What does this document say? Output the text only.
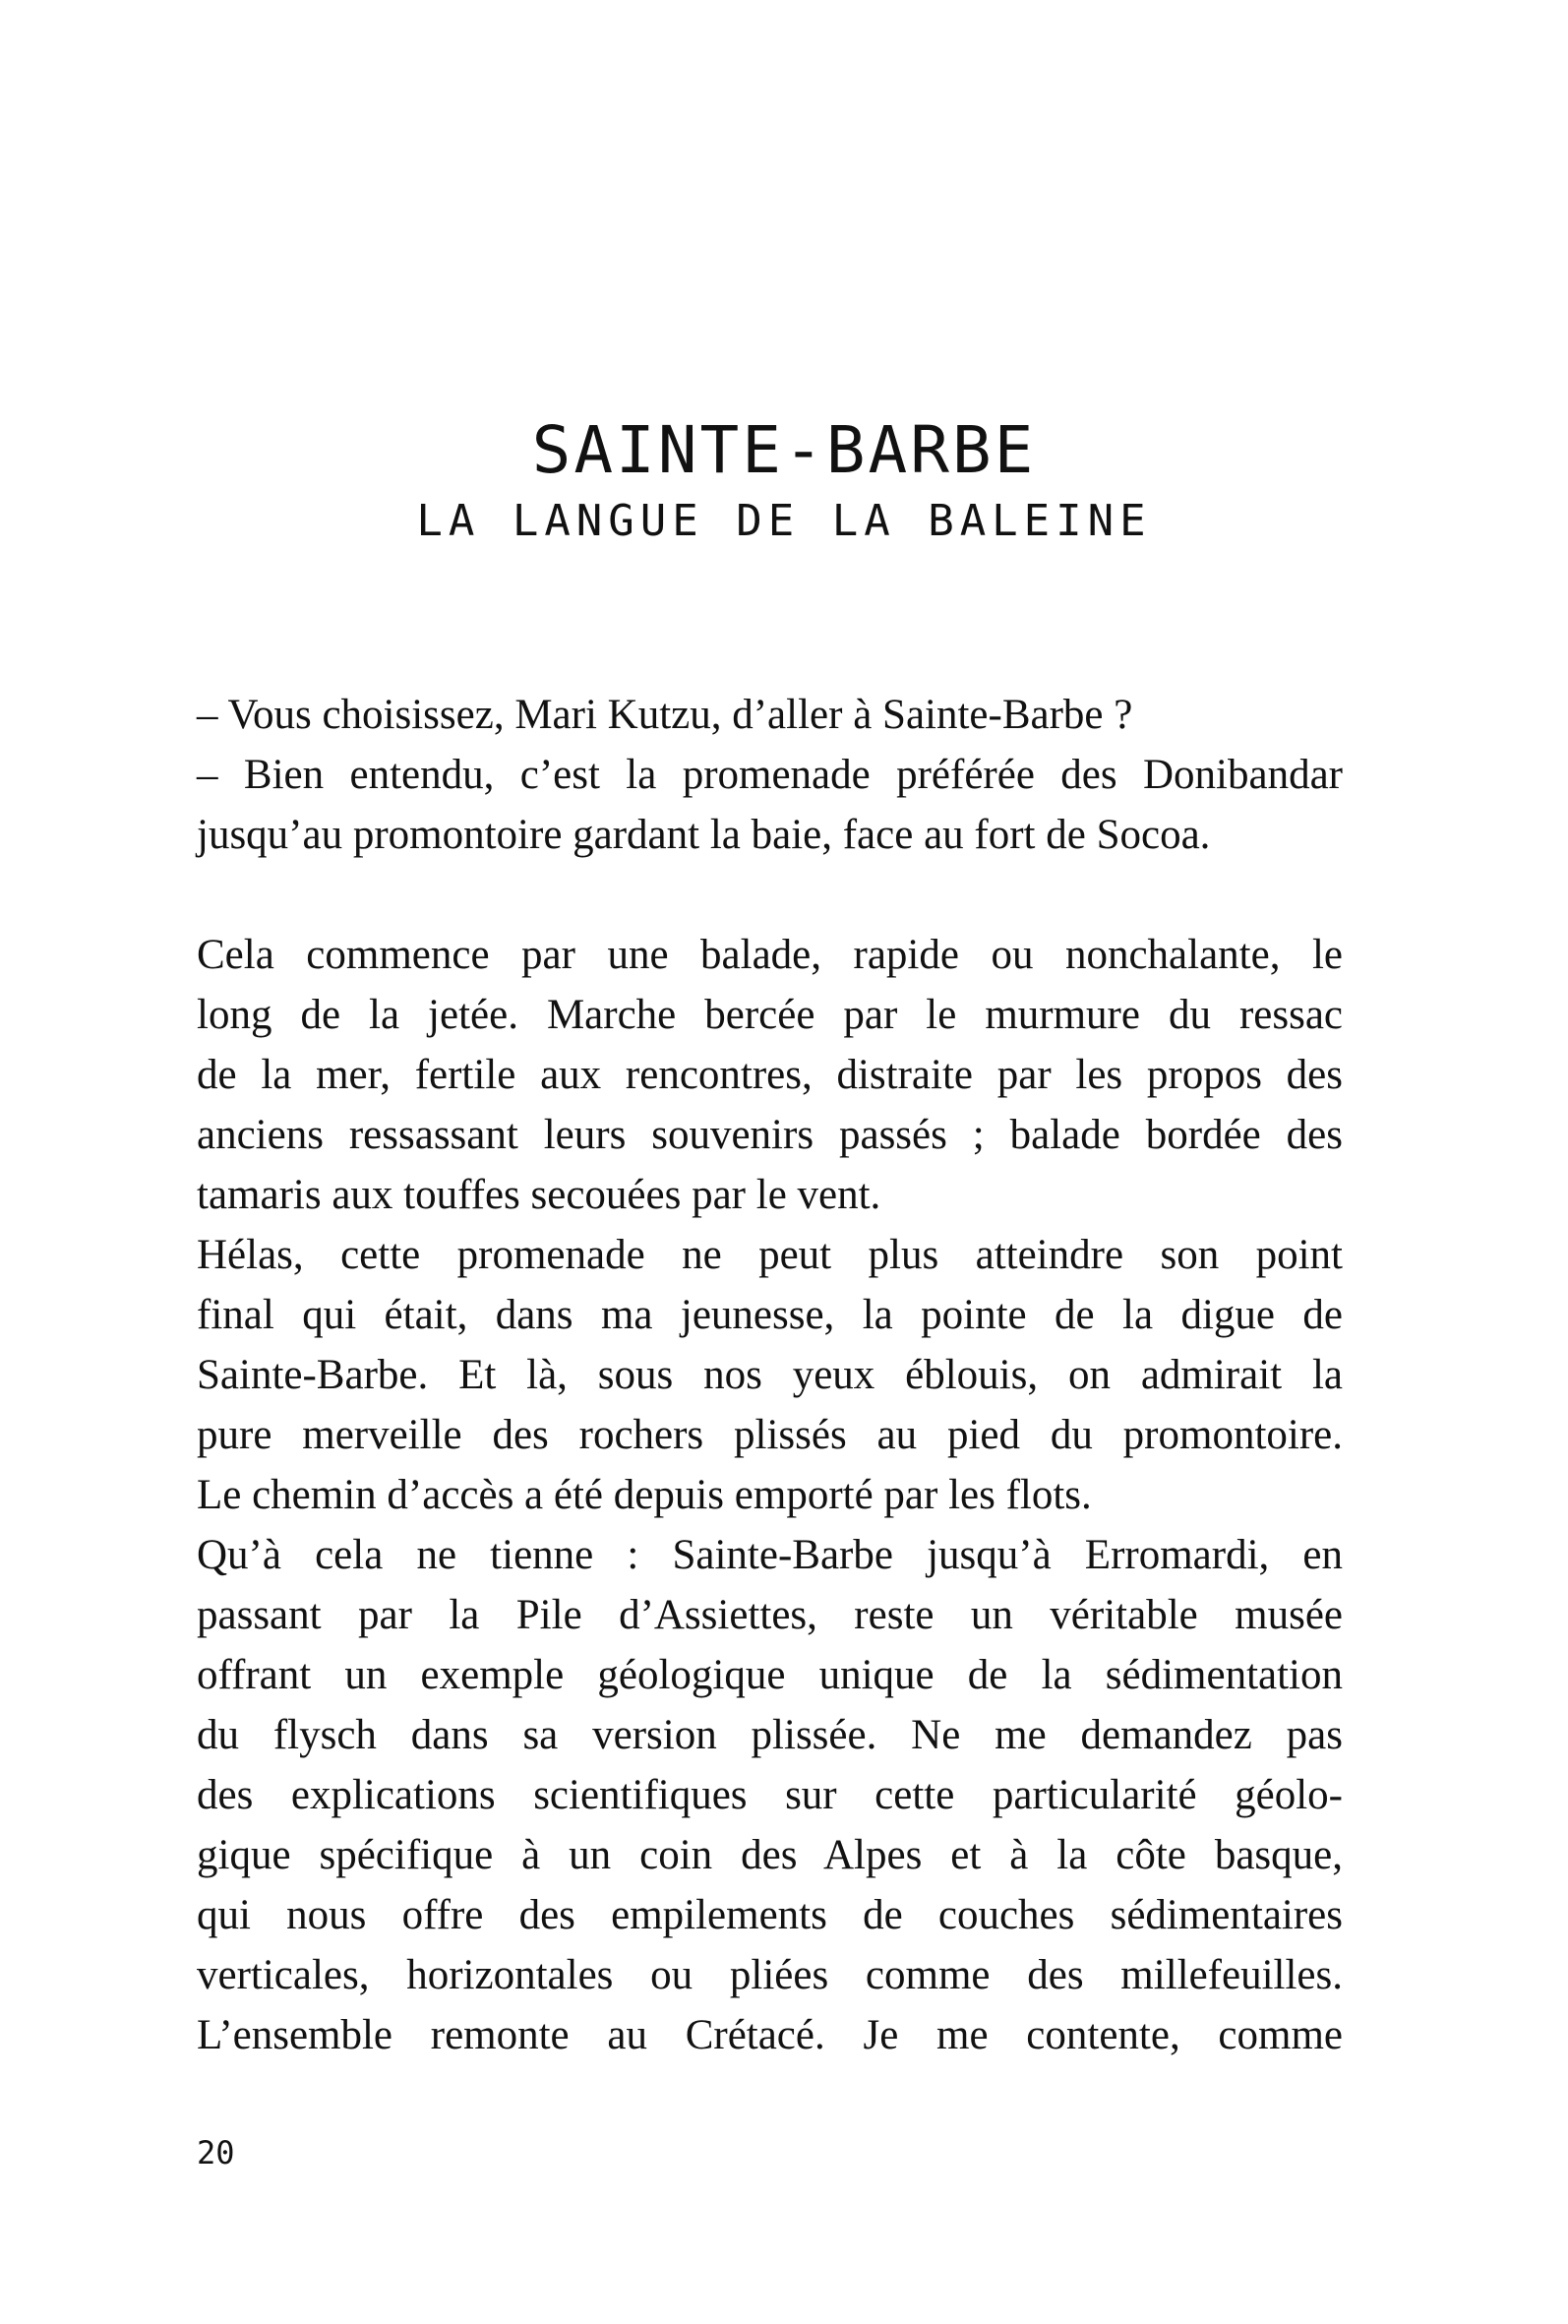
SAINTE-BARBE
LA LANGUE DE LA BALEINE
– Vous choisissez, Mari Kutzu, d’aller à Sainte-Barbe ?
– Bien entendu, c’est la promenade préférée des Donibandar
jusqu’au promontoire gardant la baie, face au fort de Socoa.
Cela commence par une balade, rapide ou nonchalante, le
long de la jetée. Marche bercée par le murmure du ressac
de la mer, fertile aux rencontres, distraite par les propos des
anciens ressassant leurs souvenirs passés ; balade bordée des
tamaris aux touffes secouées par le vent.
Hélas, cette promenade ne peut plus atteindre son point
final qui était, dans ma jeunesse, la pointe de la digue de
Sainte-Barbe. Et là, sous nos yeux éblouis, on admirait la
pure merveille des rochers plissés au pied du promontoire.
Le chemin d’accès a été depuis emporté par les flots.
Qu’à cela ne tienne : Sainte-Barbe jusqu’à Erromardi, en
passant par la Pile d’Assiettes, reste un véritable musée
offrant un exemple géologique unique de la sédimentation
du flysch dans sa version plissée. Ne me demandez pas
des explications scientifiques sur cette particularité géolo-
gique spécifique à un coin des Alpes et à la côte basque,
qui nous offre des empilements de couches sédimentaires
verticales, horizontales ou pliées comme des millefeuilles.
L’ensemble remonte au Crétacé. Je me contente, comme
20
